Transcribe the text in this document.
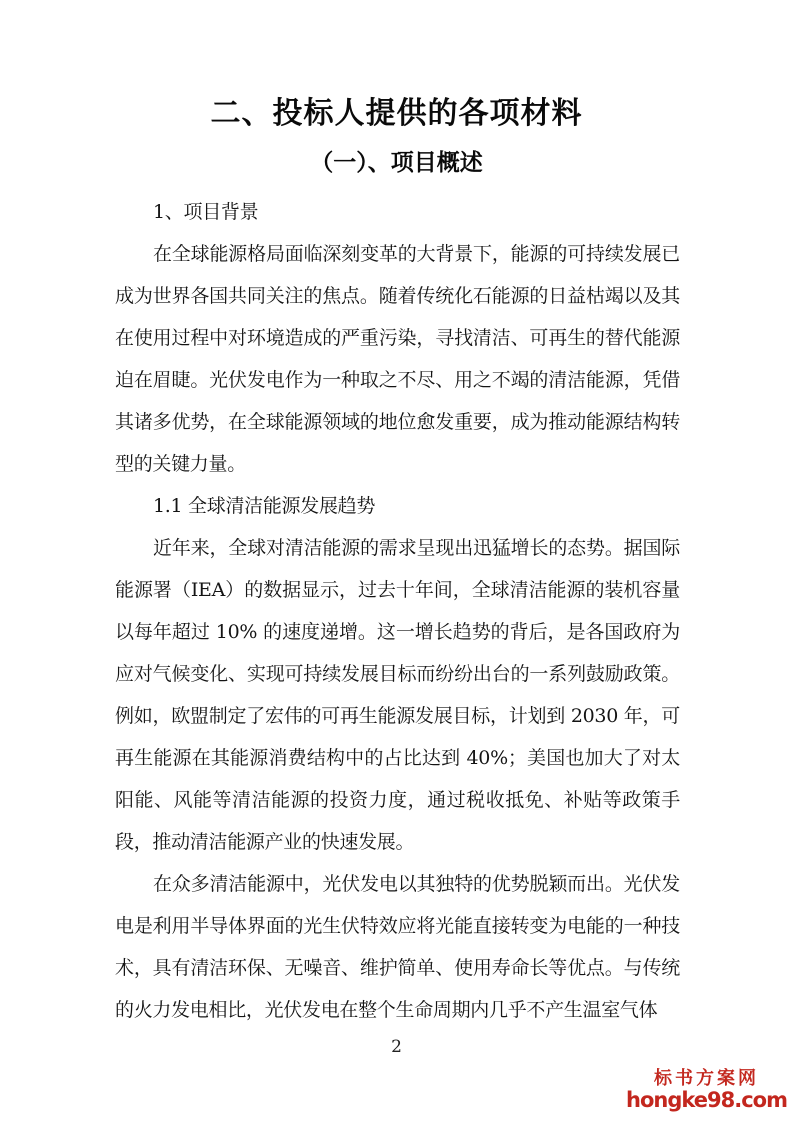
二、投标人提供的各项材料
（一）、项目概述
1、项目背景

在全球能源格局面临深刻变革的大背景下，能源的可持续发展已成为世界各国共同关注的焦点。随着传统化石能源的日益枯竭以及其在使用过程中对环境造成的严重污染，寻找清洁、可再生的替代能源迫在眉睫。光伏发电作为一种取之不尽、用之不竭的清洁能源，凭借其诸多优势，在全球能源领域的地位愈发重要，成为推动能源结构转型的关键力量。

1.1 全球清洁能源发展趋势

近年来，全球对清洁能源的需求呈现出迅猛增长的态势。据国际能源署（IEA）的数据显示，过去十年间，全球清洁能源的装机容量以每年超过 10% 的速度递增。这一增长趋势的背后，是各国政府为应对气候变化、实现可持续发展目标而纷纷出台的一系列鼓励政策。例如，欧盟制定了宏伟的可再生能源发展目标，计划到 2030 年，可再生能源在其能源消费结构中的占比达到 40%；美国也加大了对太阳能、风能等清洁能源的投资力度，通过税收抵免、补贴等政策手段，推动清洁能源产业的快速发展。

在众多清洁能源中，光伏发电以其独特的优势脱颖而出。光伏发电是利用半导体界面的光生伏特效应将光能直接转变为电能的一种技术，具有清洁环保、无噪音、维护简单、使用寿命长等优点。与传统的火力发电相比，光伏发电在整个生命周期内几乎不产生温室气体

2
标书方案网
hongke98.com
